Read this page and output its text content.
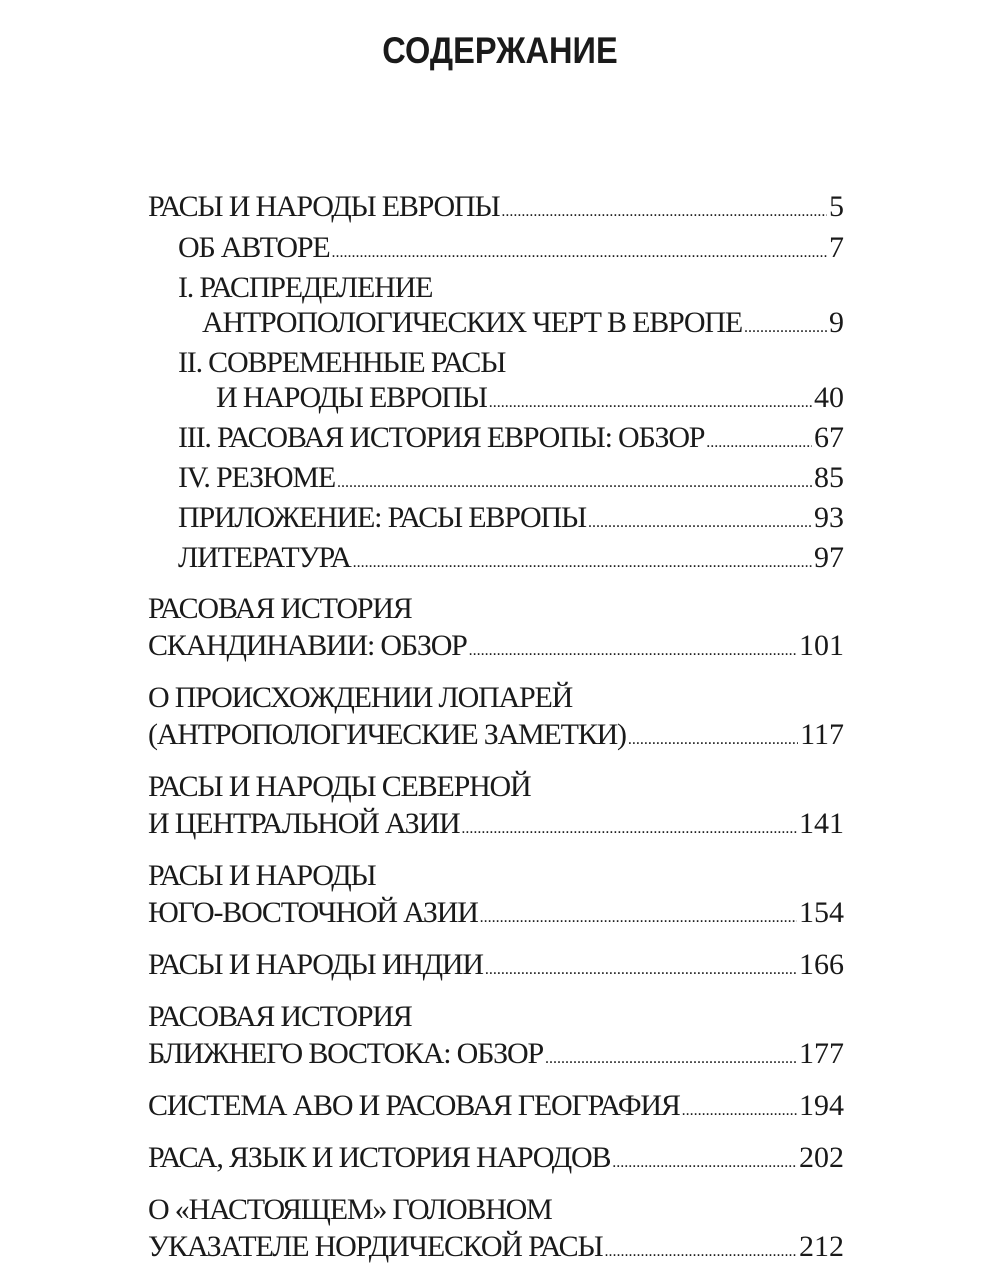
СОДЕРЖАНИЕ
РАСЫ И НАРОДЫ ЕВРОПЫ .....	5
ОБ АВТОРЕ .....	7
I. РАСПРЕДЕЛЕНИЕ
АНТРОПОЛОГИЧЕСКИХ ЧЕРТ В ЕВРОПЕ .....	9
II. СОВРЕМЕННЫЕ РАСЫ
И НАРОДЫ ЕВРОПЫ .....	40
III. РАСОВАЯ ИСТОРИЯ ЕВРОПЫ: ОБЗОР .....	67
IV. РЕЗЮМЕ .....	85
ПРИЛОЖЕНИЕ: РАСЫ ЕВРОПЫ .....	93
ЛИТЕРАТУРА .....	97
РАСОВАЯ ИСТОРИЯ
СКАНДИНАВИИ: ОБЗОР .....	101
О ПРОИСХОЖДЕНИИ ЛОПАРЕЙ
(АНТРОПОЛОГИЧЕСКИЕ ЗАМЕТКИ) .....	117
РАСЫ И НАРОДЫ СЕВЕРНОЙ
И ЦЕНТРАЛЬНОЙ АЗИИ .....	141
РАСЫ И НАРОДЫ
ЮГО-ВОСТОЧНОЙ АЗИИ .....	154
РАСЫ И НАРОДЫ ИНДИИ .....	166
РАСОВАЯ ИСТОРИЯ
БЛИЖНЕГО ВОСТОКА: ОБЗОР .....	177
СИСТЕМА АВО И РАСОВАЯ ГЕОГРАФИЯ .....	194
РАСА, ЯЗЫК И ИСТОРИЯ НАРОДОВ .....	202
О «НАСТОЯЩЕМ» ГОЛОВНОМ
УКАЗАТЕЛЕ НОРДИЧЕСКОЙ РАСЫ .....	212
